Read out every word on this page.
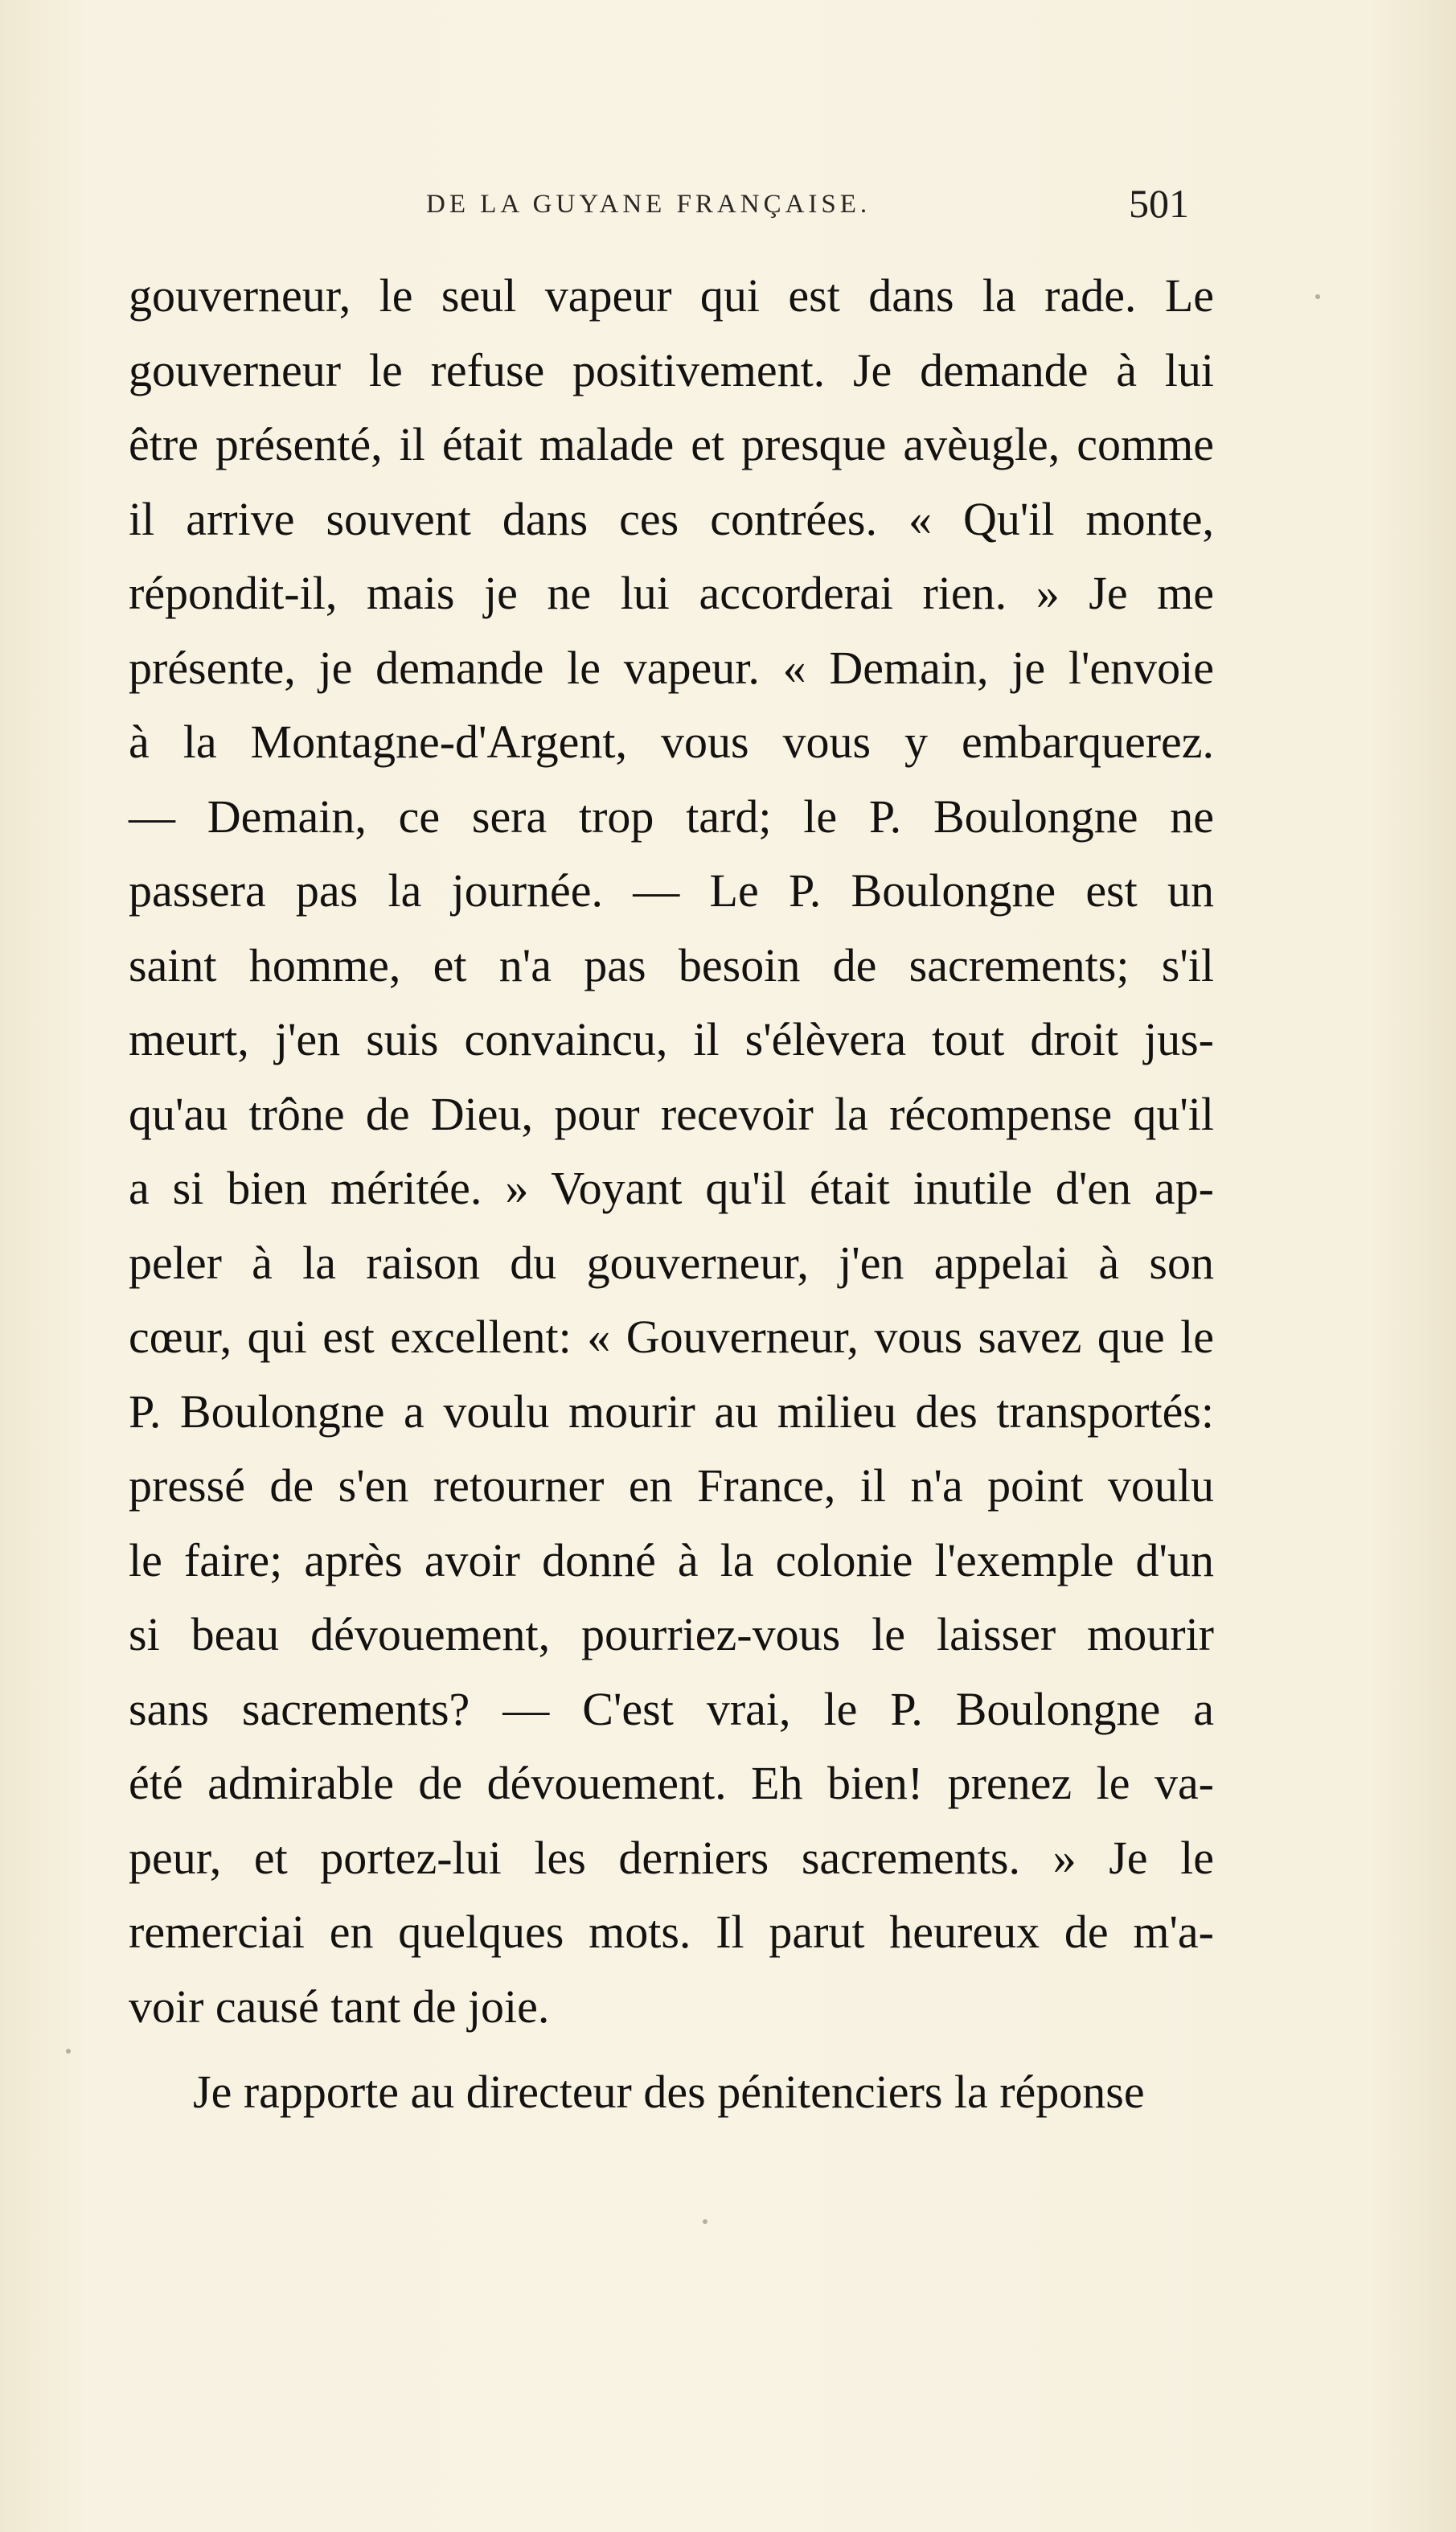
DE LA GUYANE FRANÇAISE.	501
gouverneur, le seul vapeur qui est dans la rade. Le
gouverneur le refuse positivement. Je demande à lui
être présenté, il était malade et presque avèugle, comme
il arrive souvent dans ces contrées. « Qu'il monte,
répondit-il, mais je ne lui accorderai rien. » Je me
présente, je demande le vapeur. « Demain, je l'envoie
à la Montagne-d'Argent, vous vous y embarquerez.
— Demain, ce sera trop tard; le P. Boulongne ne
passera pas la journée. — Le P. Boulongne est un
saint homme, et n'a pas besoin de sacrements; s'il
meurt, j'en suis convaincu, il s'élèvera tout droit jus-
qu'au trône de Dieu, pour recevoir la récompense qu'il
a si bien méritée. » Voyant qu'il était inutile d'en ap-
peler à la raison du gouverneur, j'en appelai à son
cœur, qui est excellent: « Gouverneur, vous savez que le
P. Boulongne a voulu mourir au milieu des transportés:
pressé de s'en retourner en France, il n'a point voulu
le faire; après avoir donné à la colonie l'exemple d'un
si beau dévouement, pourriez-vous le laisser mourir
sans sacrements? — C'est vrai, le P. Boulongne a
été admirable de dévouement. Eh bien! prenez le va-
peur, et portez-lui les derniers sacrements. » Je le
remerciai en quelques mots. Il parut heureux de m'a-
voir causé tant de joie.
Je rapporte au directeur des pénitenciers la réponse
